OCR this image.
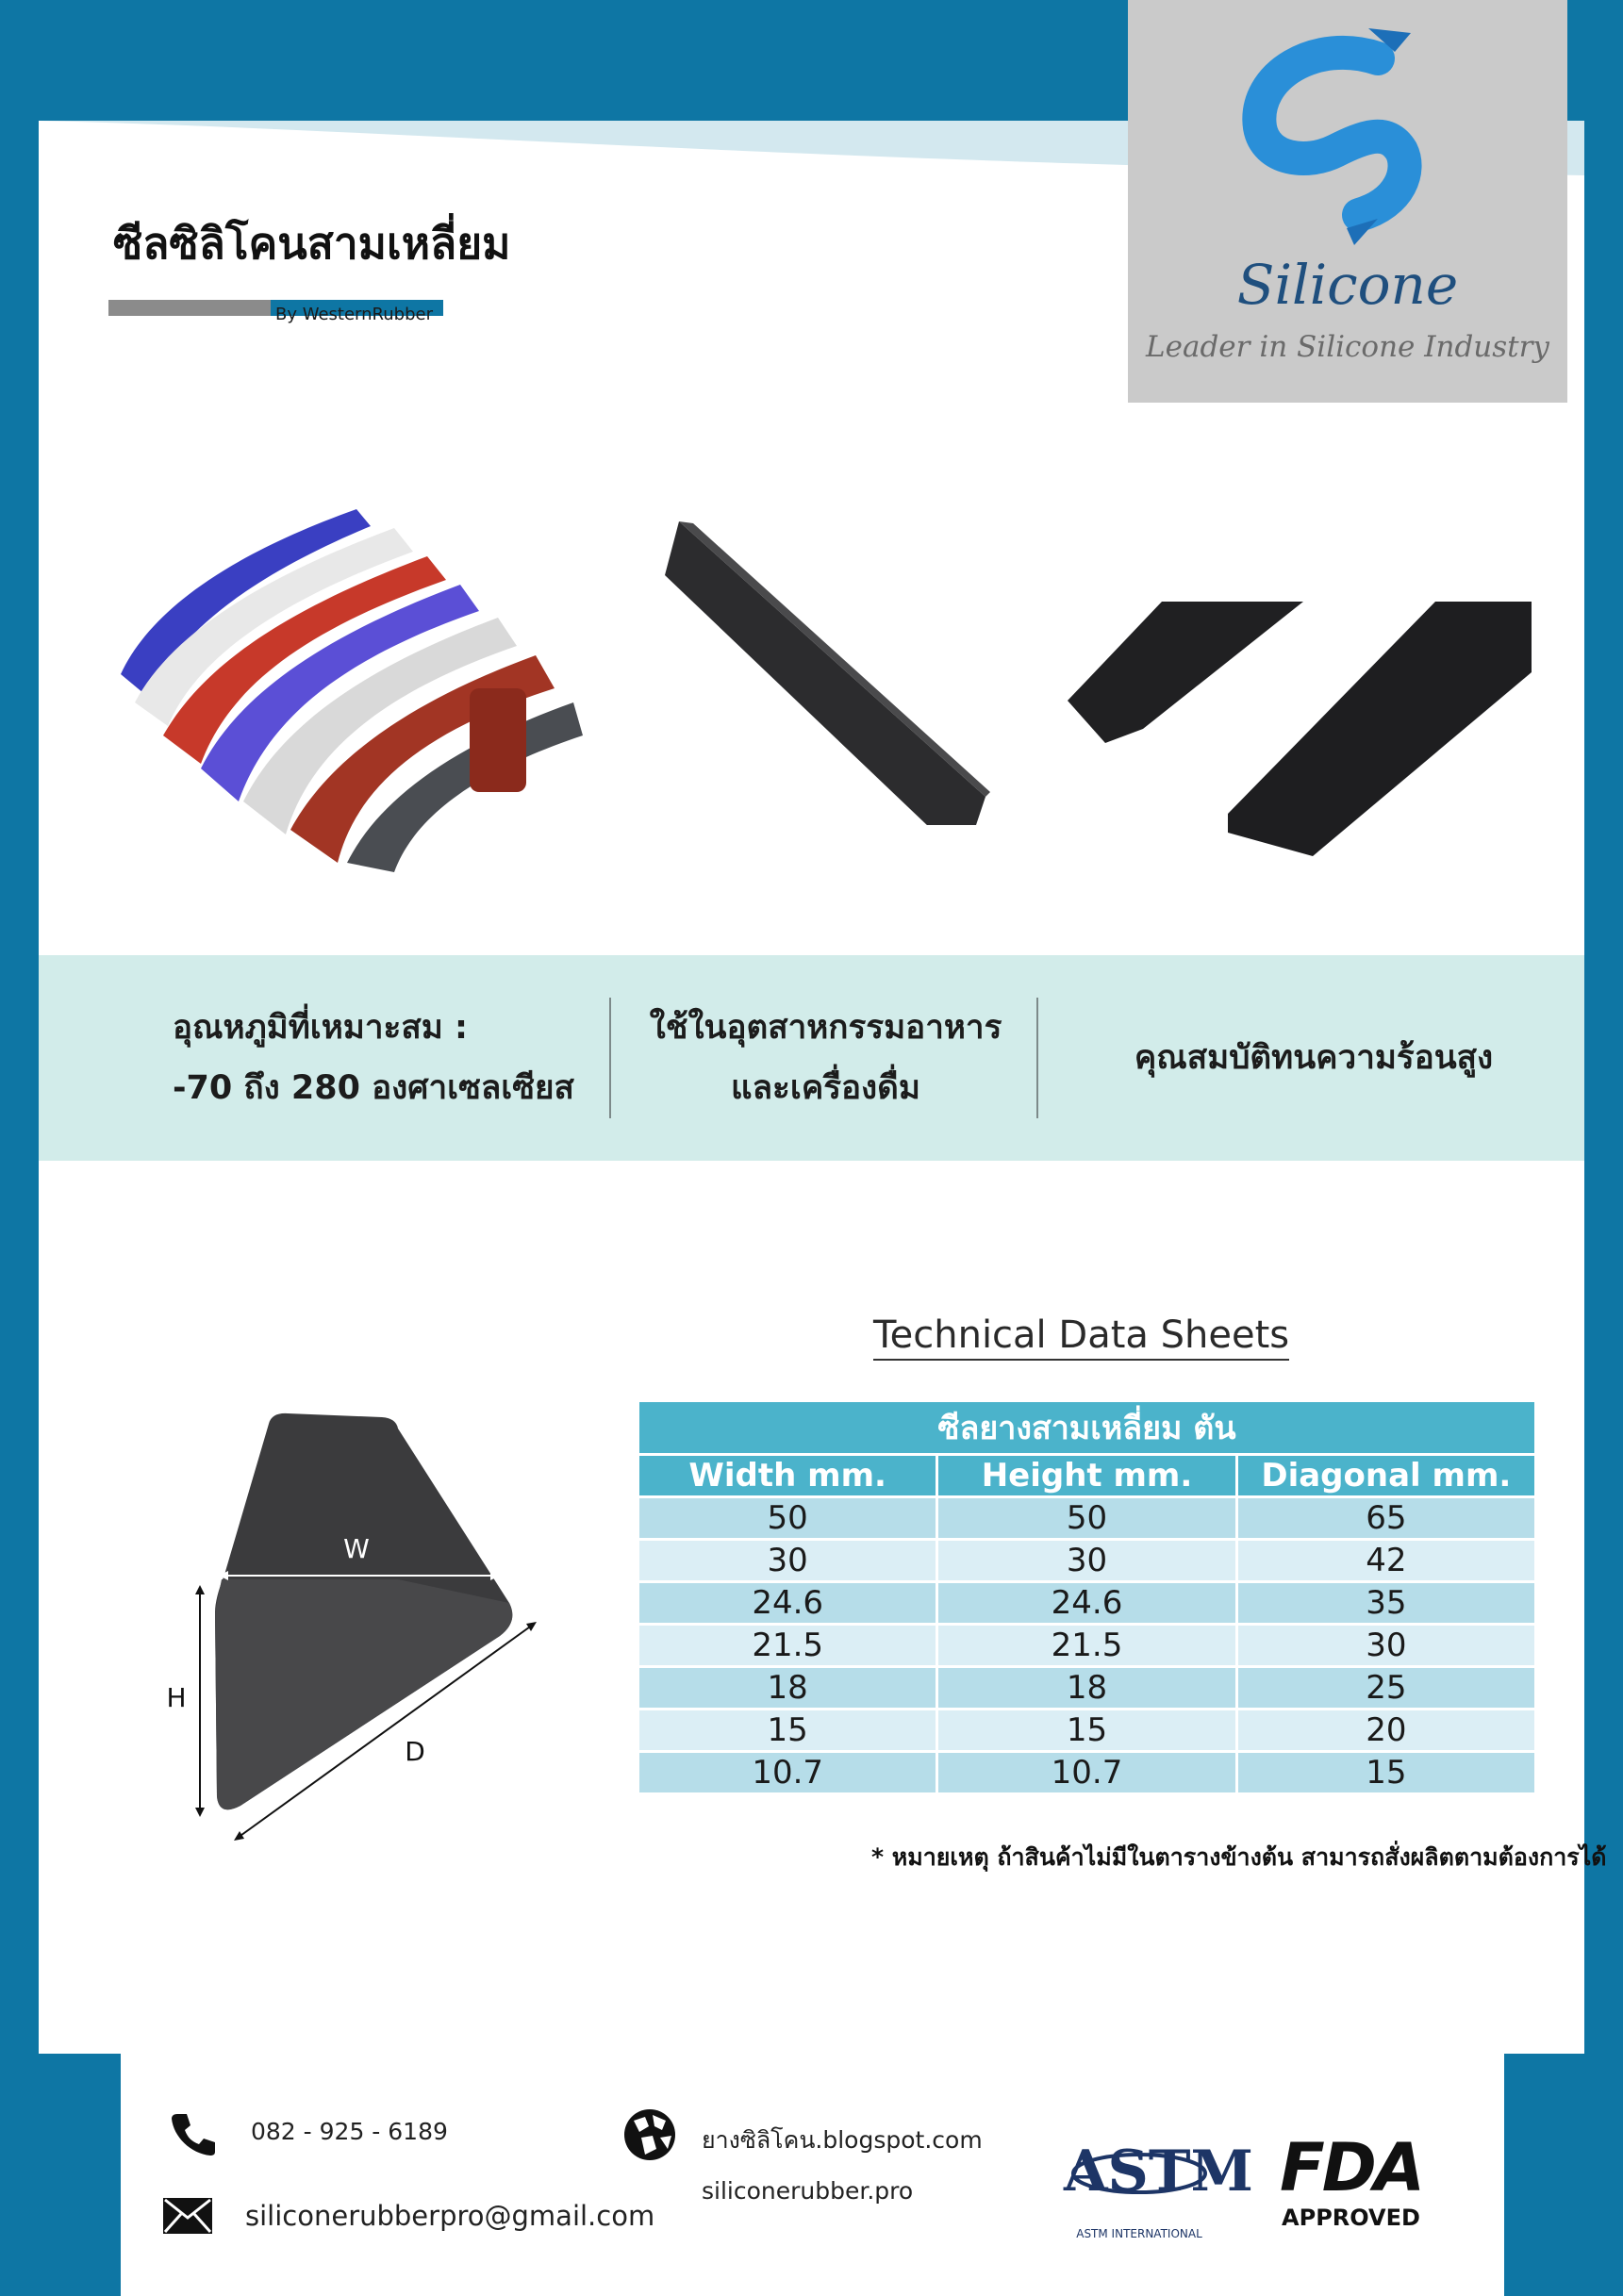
Silicone
Leader in Silicone Industry
ซีลซิลิโคนสามเหลี่ยม
By WesternRubber
อุณหภูมิที่เหมาะสม :
-70 ถึง 280 องศาเซลเซียส
ใช้ในอุตสาหกรรมอาหาร
และเครื่องดื่ม
คุณสมบัติทนความร้อนสูง
W
H
D
Technical Data Sheets
ซีลยางสามเหลี่ยม ตัน		
Width mm.	Height mm.	Diagonal mm.
50	50	65
30	30	42
24.6	24.6	35
21.5	21.5	30
18	18	25
15	15	20
10.7	10.7	15
* หมายเหตุ ถ้าสินค้าไม่มีในตารางข้างต้น สามารถสั่งผลิตตามต้องการได้
082 - 925 - 6189
siliconerubberpro@gmail.com
ยางซิลิโคน.blogspot.com
siliconerubber.pro	ASTM
ASTM INTERNATIONAL
FDA
APPROVED
